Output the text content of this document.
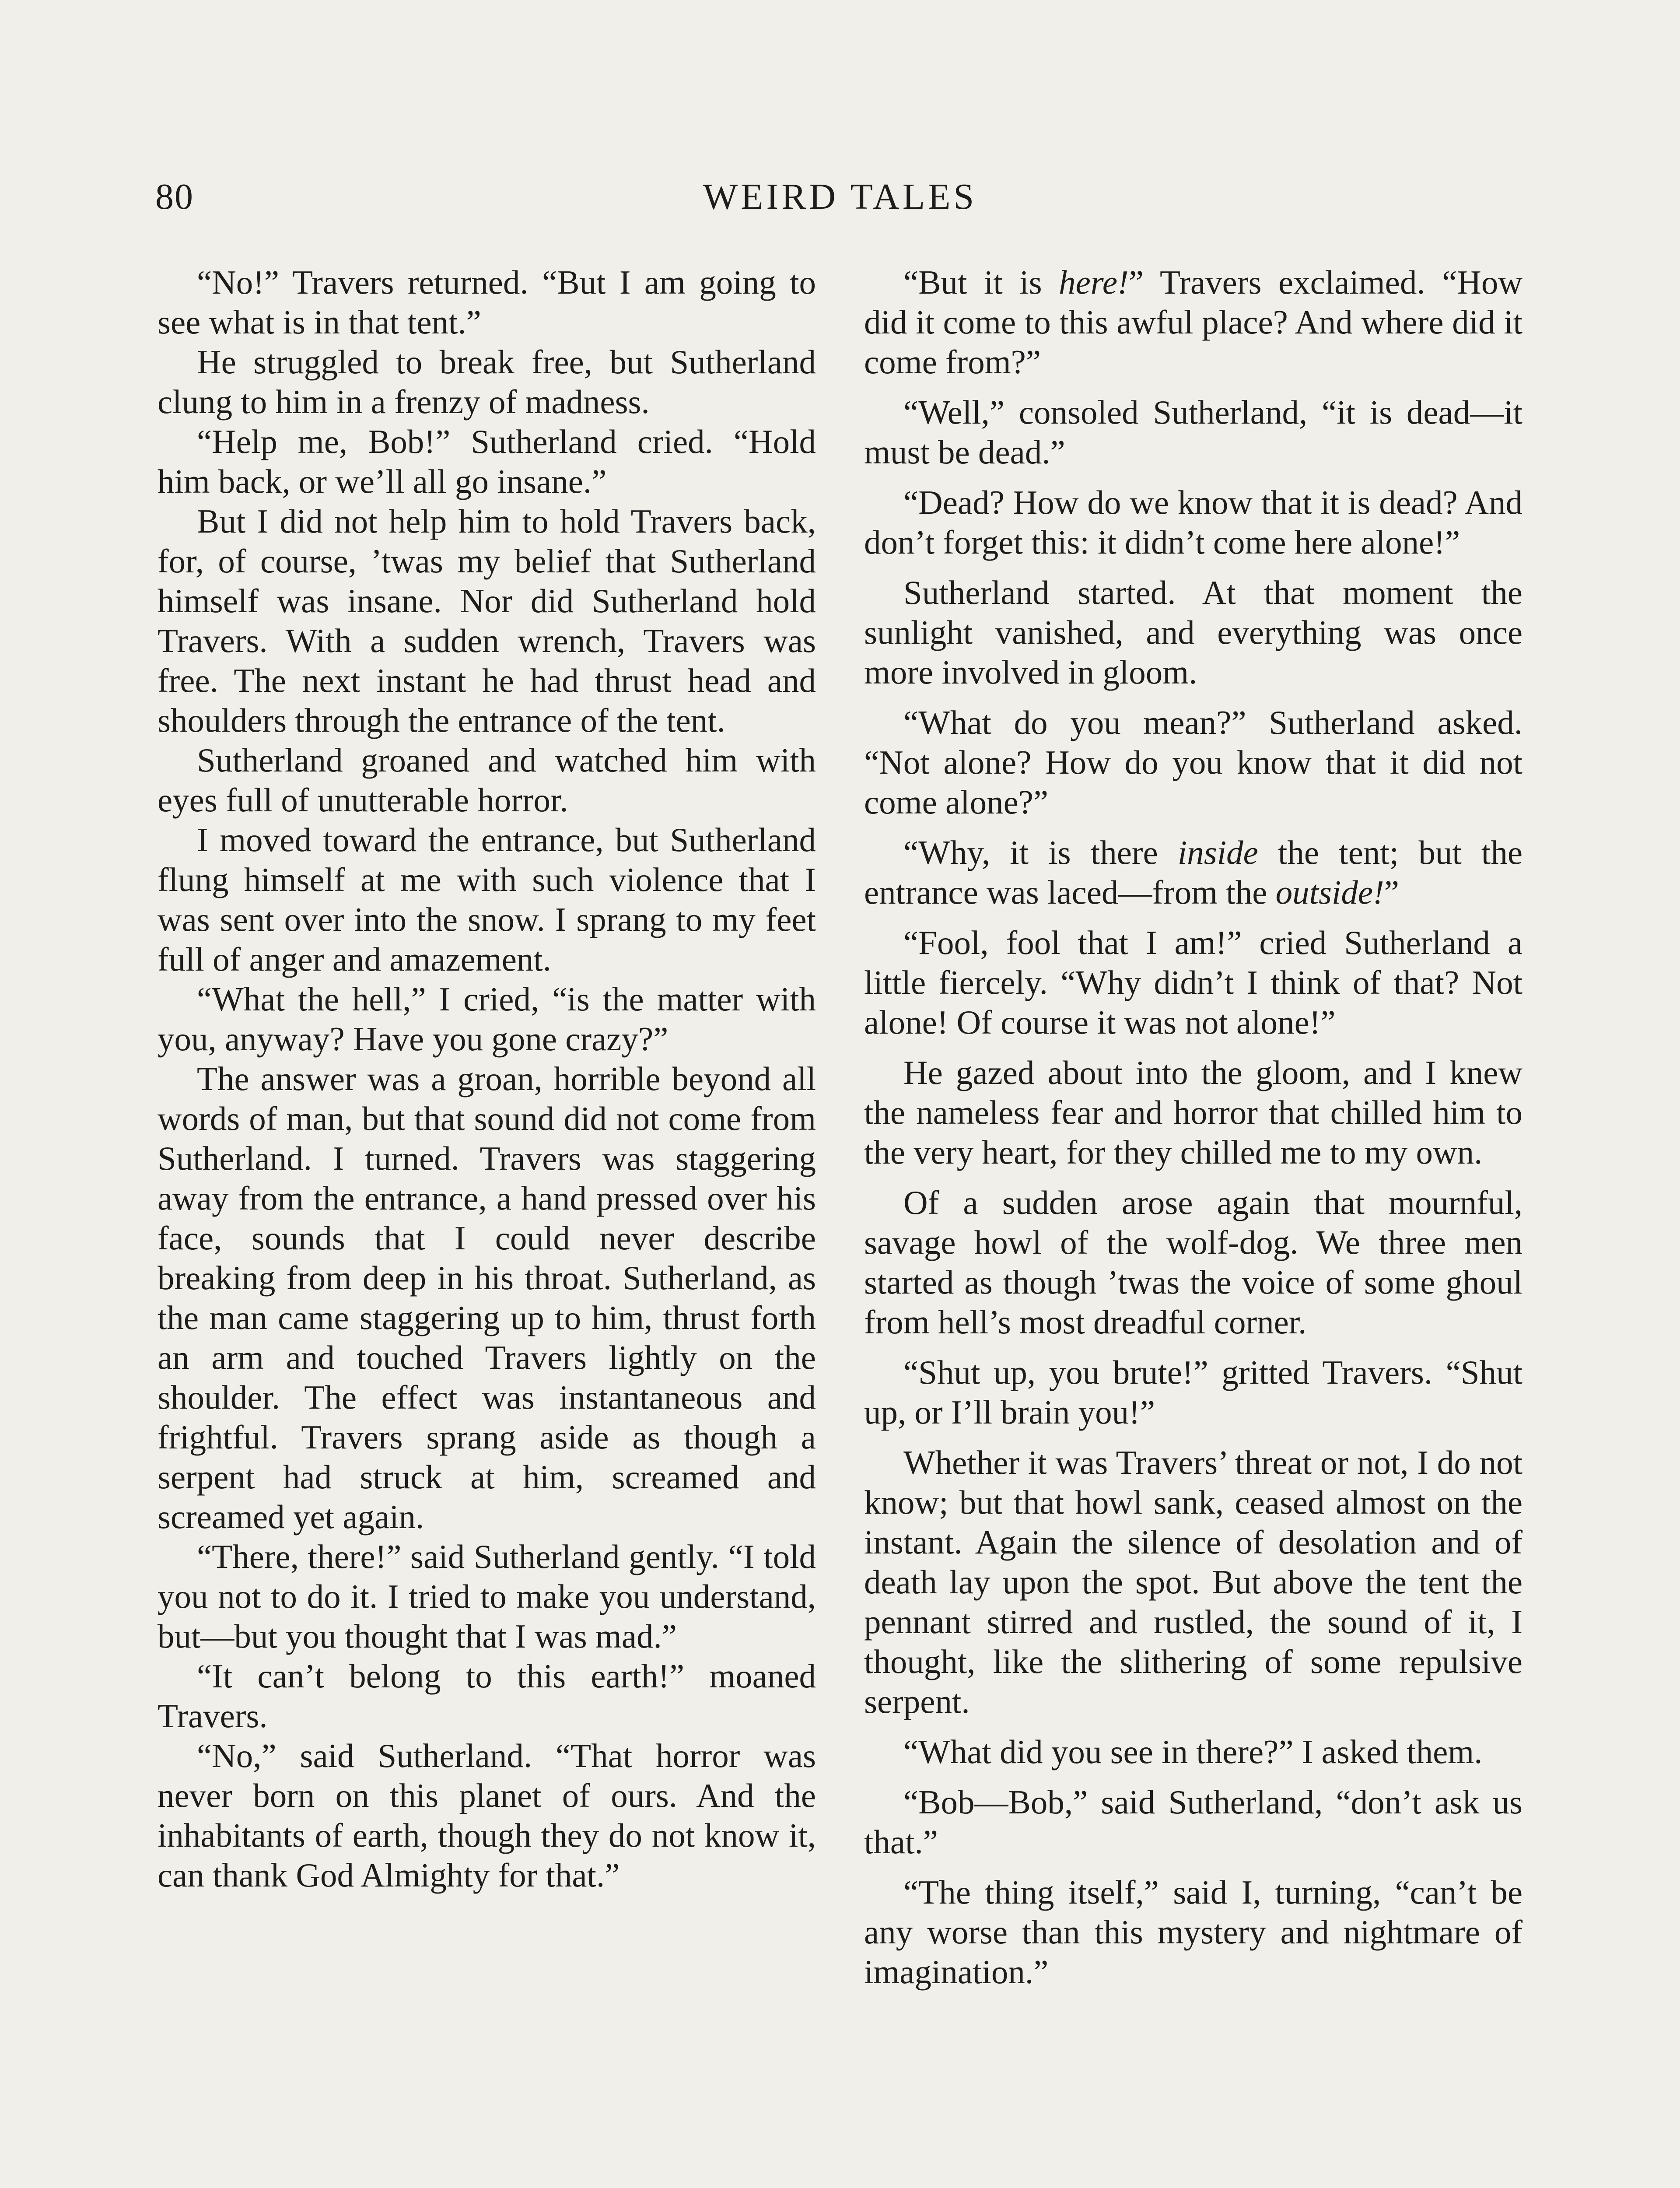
80	WEIRD TALES

“No!” Travers returned. “But I am going to see what is in that tent.”

He struggled to break free, but Sutherland clung to him in a frenzy of madness.

“Help me, Bob!” Sutherland cried. “Hold him back, or we’ll all go insane.”

But I did not help him to hold Travers back, for, of course, ’twas my belief that Sutherland himself was insane. Nor did Sutherland hold Travers. With a sudden wrench, Travers was free. The next instant he had thrust head and shoulders through the entrance of the tent.

Sutherland groaned and watched him with eyes full of unutterable horror.

I moved toward the entrance, but Sutherland flung himself at me with such violence that I was sent over into the snow. I sprang to my feet full of anger and amazement.

“What the hell,” I cried, “is the matter with you, anyway? Have you gone crazy?”

The answer was a groan, horrible beyond all words of man, but that sound did not come from Sutherland. I turned. Travers was staggering away from the entrance, a hand pressed over his face, sounds that I could never describe breaking from deep in his throat. Sutherland, as the man came staggering up to him, thrust forth an arm and touched Travers lightly on the shoulder. The effect was instantaneous and frightful. Travers sprang aside as though a serpent had struck at him, screamed and screamed yet again.

“There, there!” said Sutherland gently. “I told you not to do it. I tried to make you understand, but—but you thought that I was mad.”

“It can’t belong to this earth!” moaned Travers.

“No,” said Sutherland. “That horror was never born on this planet of ours. And the inhabitants of earth, though they do not know it, can thank God Almighty for that.”

“But it is here!” Travers exclaimed. “How did it come to this awful place? And where did it come from?”

“Well,” consoled Sutherland, “it is dead—it must be dead.”

“Dead? How do we know that it is dead? And don’t forget this: it didn’t come here alone!”

Sutherland started. At that moment the sunlight vanished, and everything was once more involved in gloom.

“What do you mean?” Sutherland asked. “Not alone? How do you know that it did not come alone?”

“Why, it is there inside the tent; but the entrance was laced—from the outside!”

“Fool, fool that I am!” cried Sutherland a little fiercely. “Why didn’t I think of that? Not alone! Of course it was not alone!”

He gazed about into the gloom, and I knew the nameless fear and horror that chilled him to the very heart, for they chilled me to my own.

Of a sudden arose again that mournful, savage howl of the wolf-dog. We three men started as though ’twas the voice of some ghoul from hell’s most dreadful corner.

“Shut up, you brute!” gritted Travers. “Shut up, or I’ll brain you!”

Whether it was Travers’ threat or not, I do not know; but that howl sank, ceased almost on the instant. Again the silence of desolation and of death lay upon the spot. But above the tent the pennant stirred and rustled, the sound of it, I thought, like the slithering of some repulsive serpent.

“What did you see in there?” I asked them.

“Bob—Bob,” said Sutherland, “don’t ask us that.”

“The thing itself,” said I, turning, “can’t be any worse than this mystery and nightmare of imagination.”
